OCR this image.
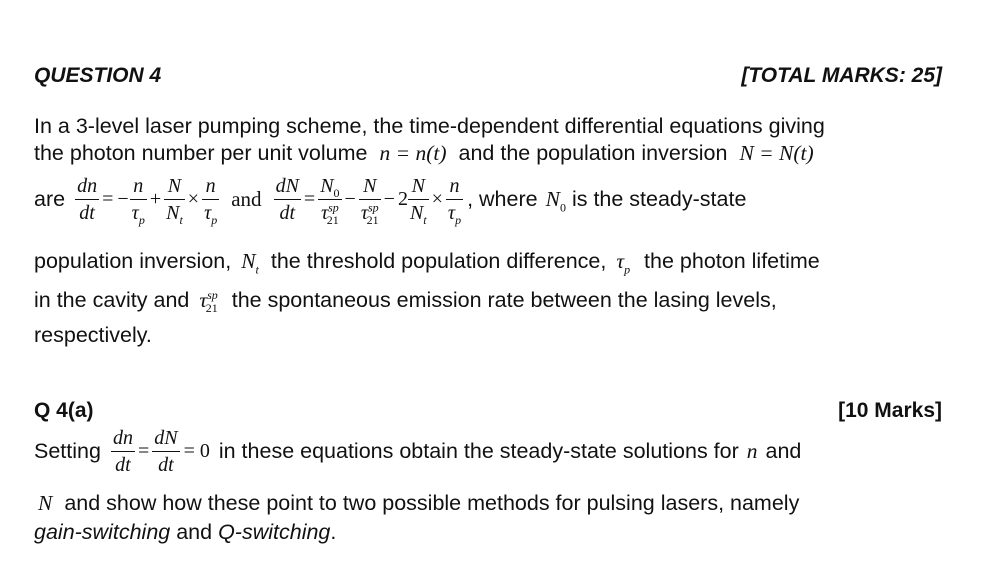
QUESTION 4	[TOTAL MARKS: 25]
In a 3-level laser pumping scheme, the time-dependent differential equations giving
the photon number per unit volume n = n(t) and the population inversion N = N(t)
are $\frac{dn}{dt}$ = − $\frac{n}{\tau_p} + \frac{N}{N_t} \times \frac{n}{\tau_p}$ and $\frac{dN}{dt} = \frac{N_0}{\tau^{sp}_{21}} - \frac{N}{\tau^{sp}_{21}} - 2 \frac{N}{N_t} \times \frac{n}{\tau_p}$ , where $N_0$ is the steady-state
population inversion, $N_t$ the threshold population difference, $\tau_p$ the photon lifetime
in the cavity and $\tau^{sp}_{21}$ the spontaneous emission rate between the lasing levels,
respectively.
Q 4(a)	[10 Marks]
Setting $\frac{dn}{dt} = \frac{dN}{dt} = 0$ in these equations obtain the steady-state solutions for n and
N and show how these point to two possible methods for pulsing lasers, namely
gain-switching and Q-switching.
